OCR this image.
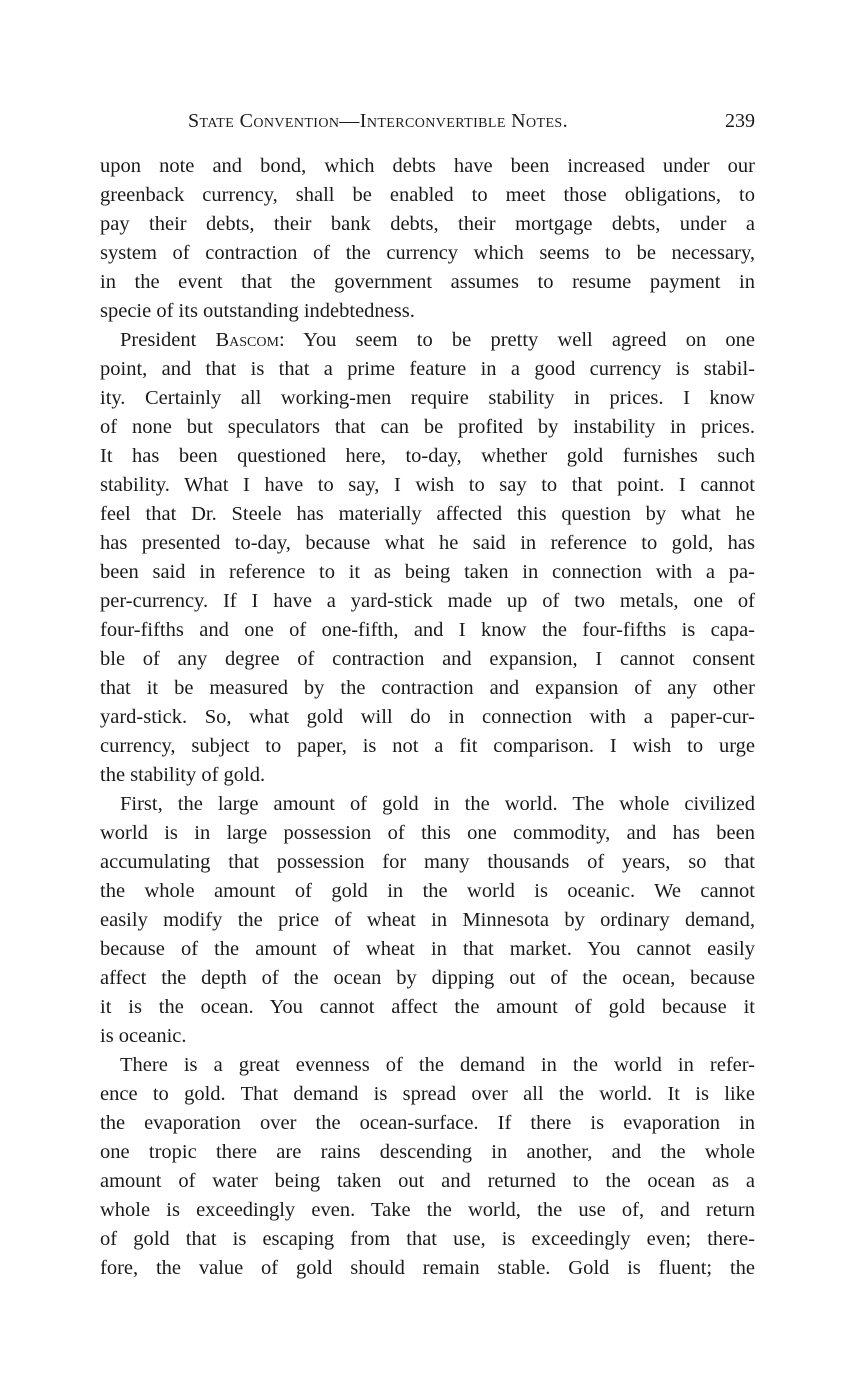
State Convention—Interconvertible Notes.	239
upon note and bond, which debts have been increased under our
greenback currency, shall be enabled to meet those obligations, to
pay their debts, their bank debts, their mortgage debts, under a
system of contraction of the currency which seems to be necessary,
in the event that the government assumes to resume payment in
specie of its outstanding indebtedness.
President Bascom: You seem to be pretty well agreed on one
point, and that is that a prime feature in a good currency is stabil-
ity. Certainly all working-men require stability in prices. I know
of none but speculators that can be profited by instability in prices.
It has been questioned here, to-day, whether gold furnishes such
stability. What I have to say, I wish to say to that point. I cannot
feel that Dr. Steele has materially affected this question by what he
has presented to-day, because what he said in reference to gold, has
been said in reference to it as being taken in connection with a pa-
per-currency. If I have a yard-stick made up of two metals, one of
four-fifths and one of one-fifth, and I know the four-fifths is capa-
ble of any degree of contraction and expansion, I cannot consent
that it be measured by the contraction and expansion of any other
yard-stick. So, what gold will do in connection with a paper-cur-
currency, subject to paper, is not a fit comparison. I wish to urge
the stability of gold.
First, the large amount of gold in the world. The whole civilized
world is in large possession of this one commodity, and has been
accumulating that possession for many thousands of years, so that
the whole amount of gold in the world is oceanic. We cannot
easily modify the price of wheat in Minnesota by ordinary demand,
because of the amount of wheat in that market. You cannot easily
affect the depth of the ocean by dipping out of the ocean, because
it is the ocean. You cannot affect the amount of gold because it
is oceanic.
There is a great evenness of the demand in the world in refer-
ence to gold. That demand is spread over all the world. It is like
the evaporation over the ocean-surface. If there is evaporation in
one tropic there are rains descending in another, and the whole
amount of water being taken out and returned to the ocean as a
whole is exceedingly even. Take the world, the use of, and return
of gold that is escaping from that use, is exceedingly even; there-
fore, the value of gold should remain stable. Gold is fluent; the
